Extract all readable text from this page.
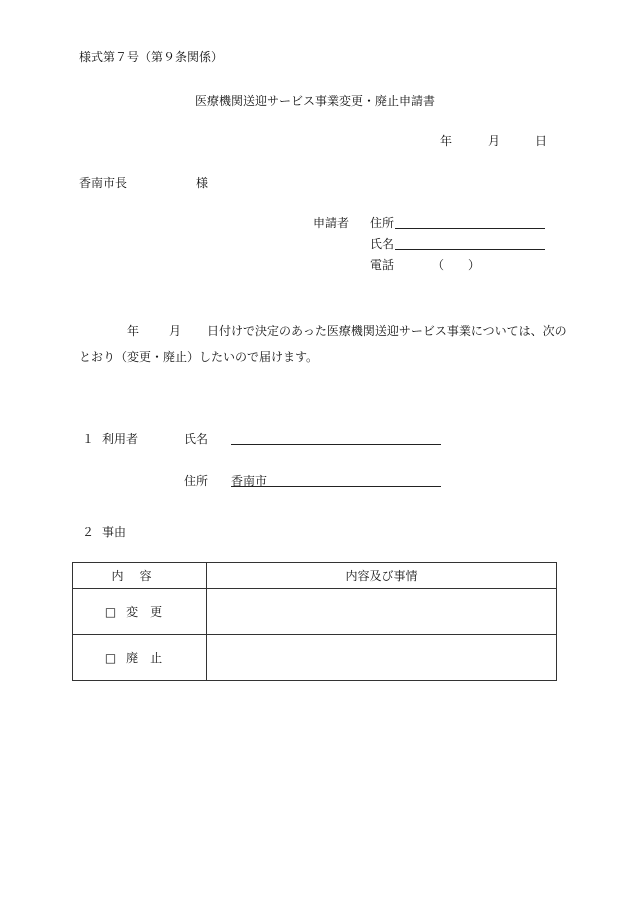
様式第７号（第９条関係）
医療機関送迎サービス事業変更・廃止申請書
年	月	日
香南市長	様
申請者 住所
氏名
電話	（　　）
年	月 日付けで決定のあった医療機関送迎サービス事業については、次の
とおり（変更・廃止）したいので届けます。
１ 利用者	氏名
住所 香南市
２ 事由
内容	内容及び事情
□ 変更	
□ 廃止	
